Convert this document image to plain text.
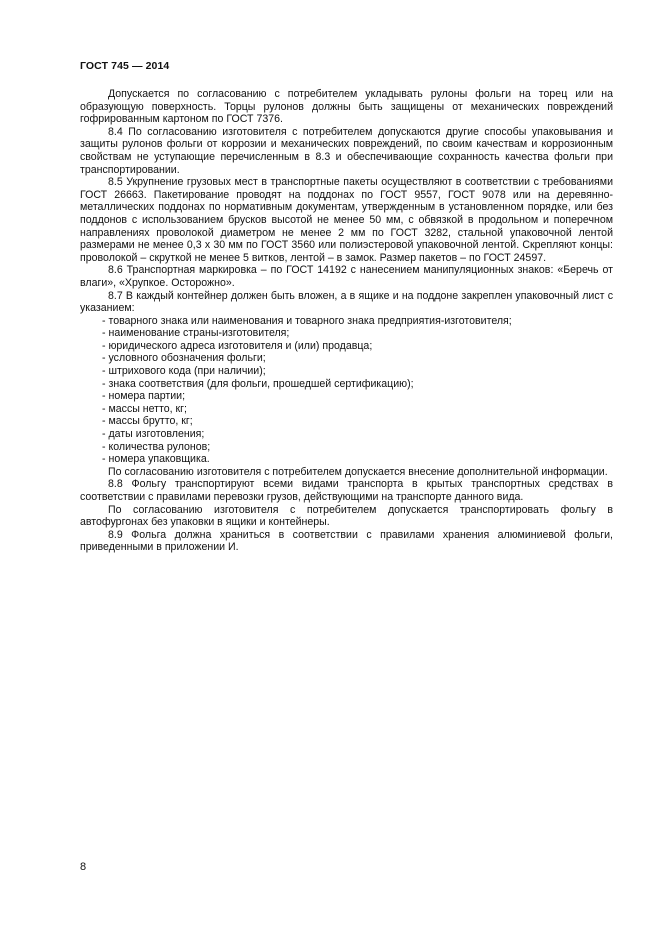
ГОСТ 745 — 2014

Допускается по согласованию с потребителем укладывать рулоны фольги на торец или на образующую поверхность. Торцы рулонов должны быть защищены от механических повреждений гофрированным картоном по ГОСТ 7376.

8.4 По согласованию изготовителя с потребителем допускаются другие способы упаковывания и защиты рулонов фольги от коррозии и механических повреждений, по своим качествам и коррозионным свойствам не уступающие перечисленным в 8.3 и обеспечивающие сохранность качества фольги при транспортировании.

8.5 Укрупнение грузовых мест в транспортные пакеты осуществляют в соответствии с требованиями ГОСТ 26663. Пакетирование проводят на поддонах по ГОСТ 9557, ГОСТ 9078 или на деревянно-металлических поддонах по нормативным документам, утвержденным в установленном порядке, или без поддонов с использованием брусков высотой не менее 50 мм, с обвязкой в продольном и поперечном направлениях проволокой диаметром не менее 2 мм по ГОСТ 3282, стальной упаковочной лентой размерами не менее 0,3 х 30 мм по ГОСТ 3560 или полиэстеровой упаковочной лентой. Скрепляют концы: проволокой – скруткой не менее 5 витков, лентой – в замок. Размер пакетов – по ГОСТ 24597.

8.6 Транспортная маркировка – по ГОСТ 14192 с нанесением манипуляционных знаков: «Беречь от влаги», «Хрупкое. Осторожно».

8.7 В каждый контейнер должен быть вложен, а в ящике и на поддоне закреплен упаковочный лист с указанием:

- товарного знака или наименования и товарного знака предприятия-изготовителя;
- наименование страны-изготовителя;
- юридического адреса изготовителя и (или) продавца;
- условного обозначения фольги;
- штрихового кода (при наличии);
- знака соответствия (для фольги, прошедшей сертификацию);
- номера партии;
- массы нетто, кг;
- массы брутто, кг;
- даты изготовления;
- количества рулонов;
- номера упаковщика.

По согласованию изготовителя с потребителем допускается внесение дополнительной информации.

8.8 Фольгу транспортируют всеми видами транспорта в крытых транспортных средствах в соответствии с правилами перевозки грузов, действующими на транспорте данного вида.

По согласованию изготовителя с потребителем допускается транспортировать фольгу в автофургонах без упаковки в ящики и контейнеры.

8.9 Фольга должна храниться в соответствии с правилами хранения алюминиевой фольги, приведенными в приложении И.

8
